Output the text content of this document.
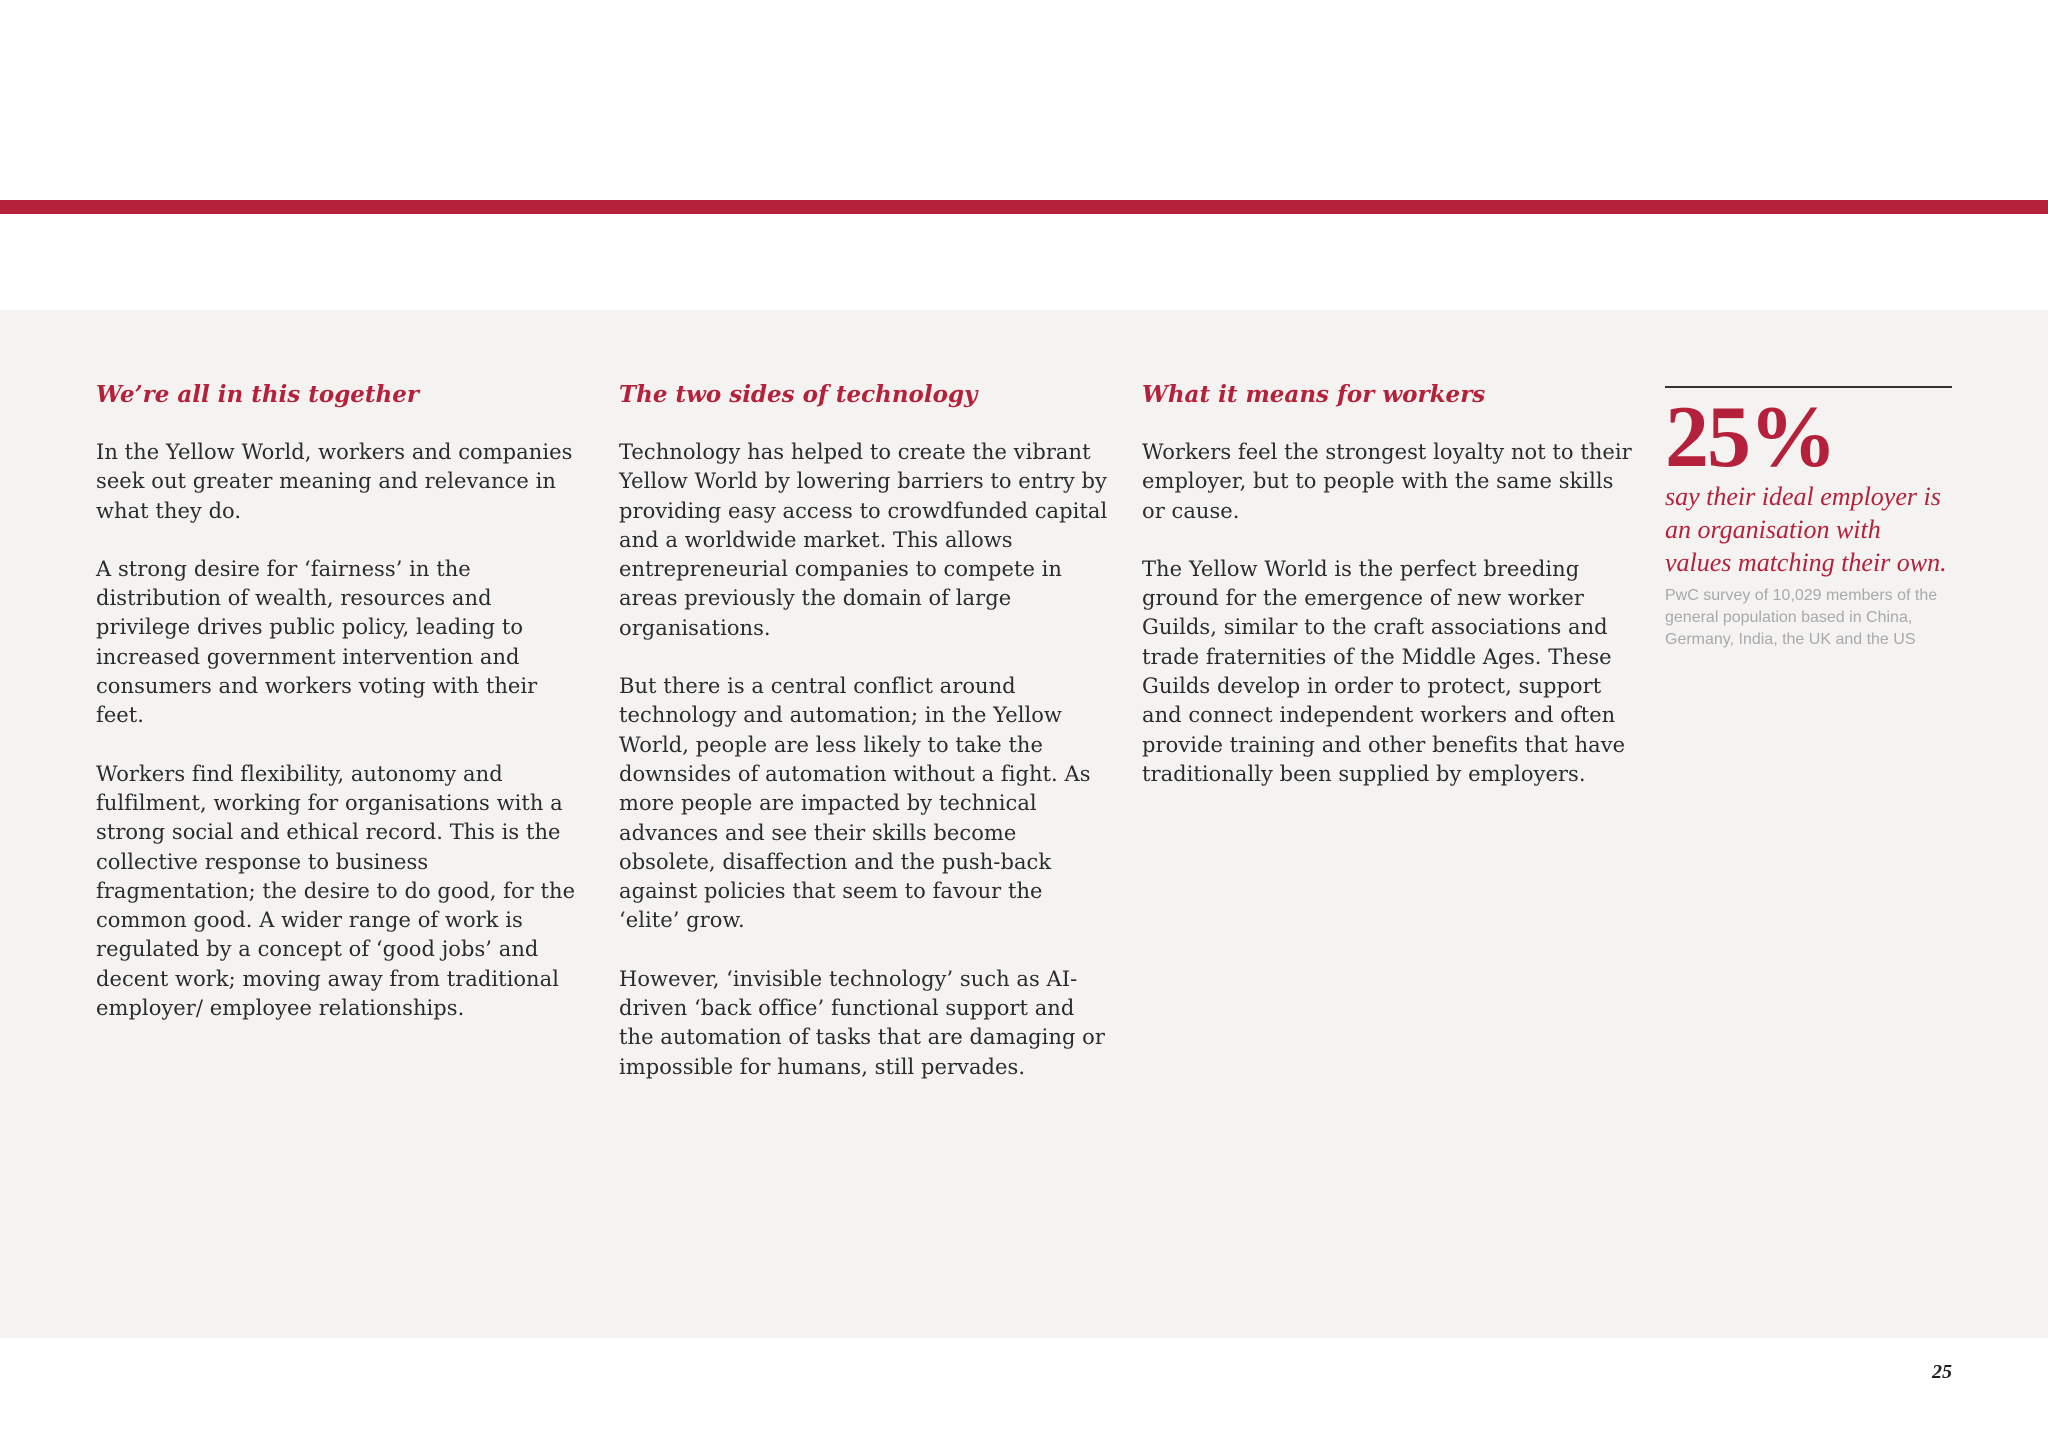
We’re all in this together

In the Yellow World, workers and companies seek out greater meaning and relevance in what they do.

A strong desire for ‘fairness’ in the distribution of wealth, resources and privilege drives public policy, leading to increased government intervention and consumers and workers voting with their feet.

Workers find flexibility, autonomy and fulfilment, working for organisations with a strong social and ethical record. This is the collective response to business fragmentation; the desire to do good, for the common good. A wider range of work is regulated by a concept of ‘good jobs’ and decent work; moving away from traditional employer/ employee relationships.

The two sides of technology

Technology has helped to create the vibrant Yellow World by lowering barriers to entry by providing easy access to crowdfunded capital and a worldwide market. This allows entrepreneurial companies to compete in areas previously the domain of large organisations.

But there is a central conflict around technology and automation; in the Yellow World, people are less likely to take the downsides of automation without a fight. As more people are impacted by technical advances and see their skills become obsolete, disaffection and the push-back against policies that seem to favour the ‘elite’ grow.

However, ‘invisible technology’ such as AI-driven ‘back office’ functional support and the automation of tasks that are damaging or impossible for humans, still pervades.

What it means for workers

Workers feel the strongest loyalty not to their employer, but to people with the same skills or cause.

The Yellow World is the perfect breeding ground for the emergence of new worker Guilds, similar to the craft associations and trade fraternities of the Middle Ages. These Guilds develop in order to protect, support and connect independent workers and often provide training and other benefits that have traditionally been supplied by employers.

25%

say their ideal employer is an organisation with values matching their own.

PwC survey of 10,029 members of the general population based in China, Germany, India, the UK and the US

25
